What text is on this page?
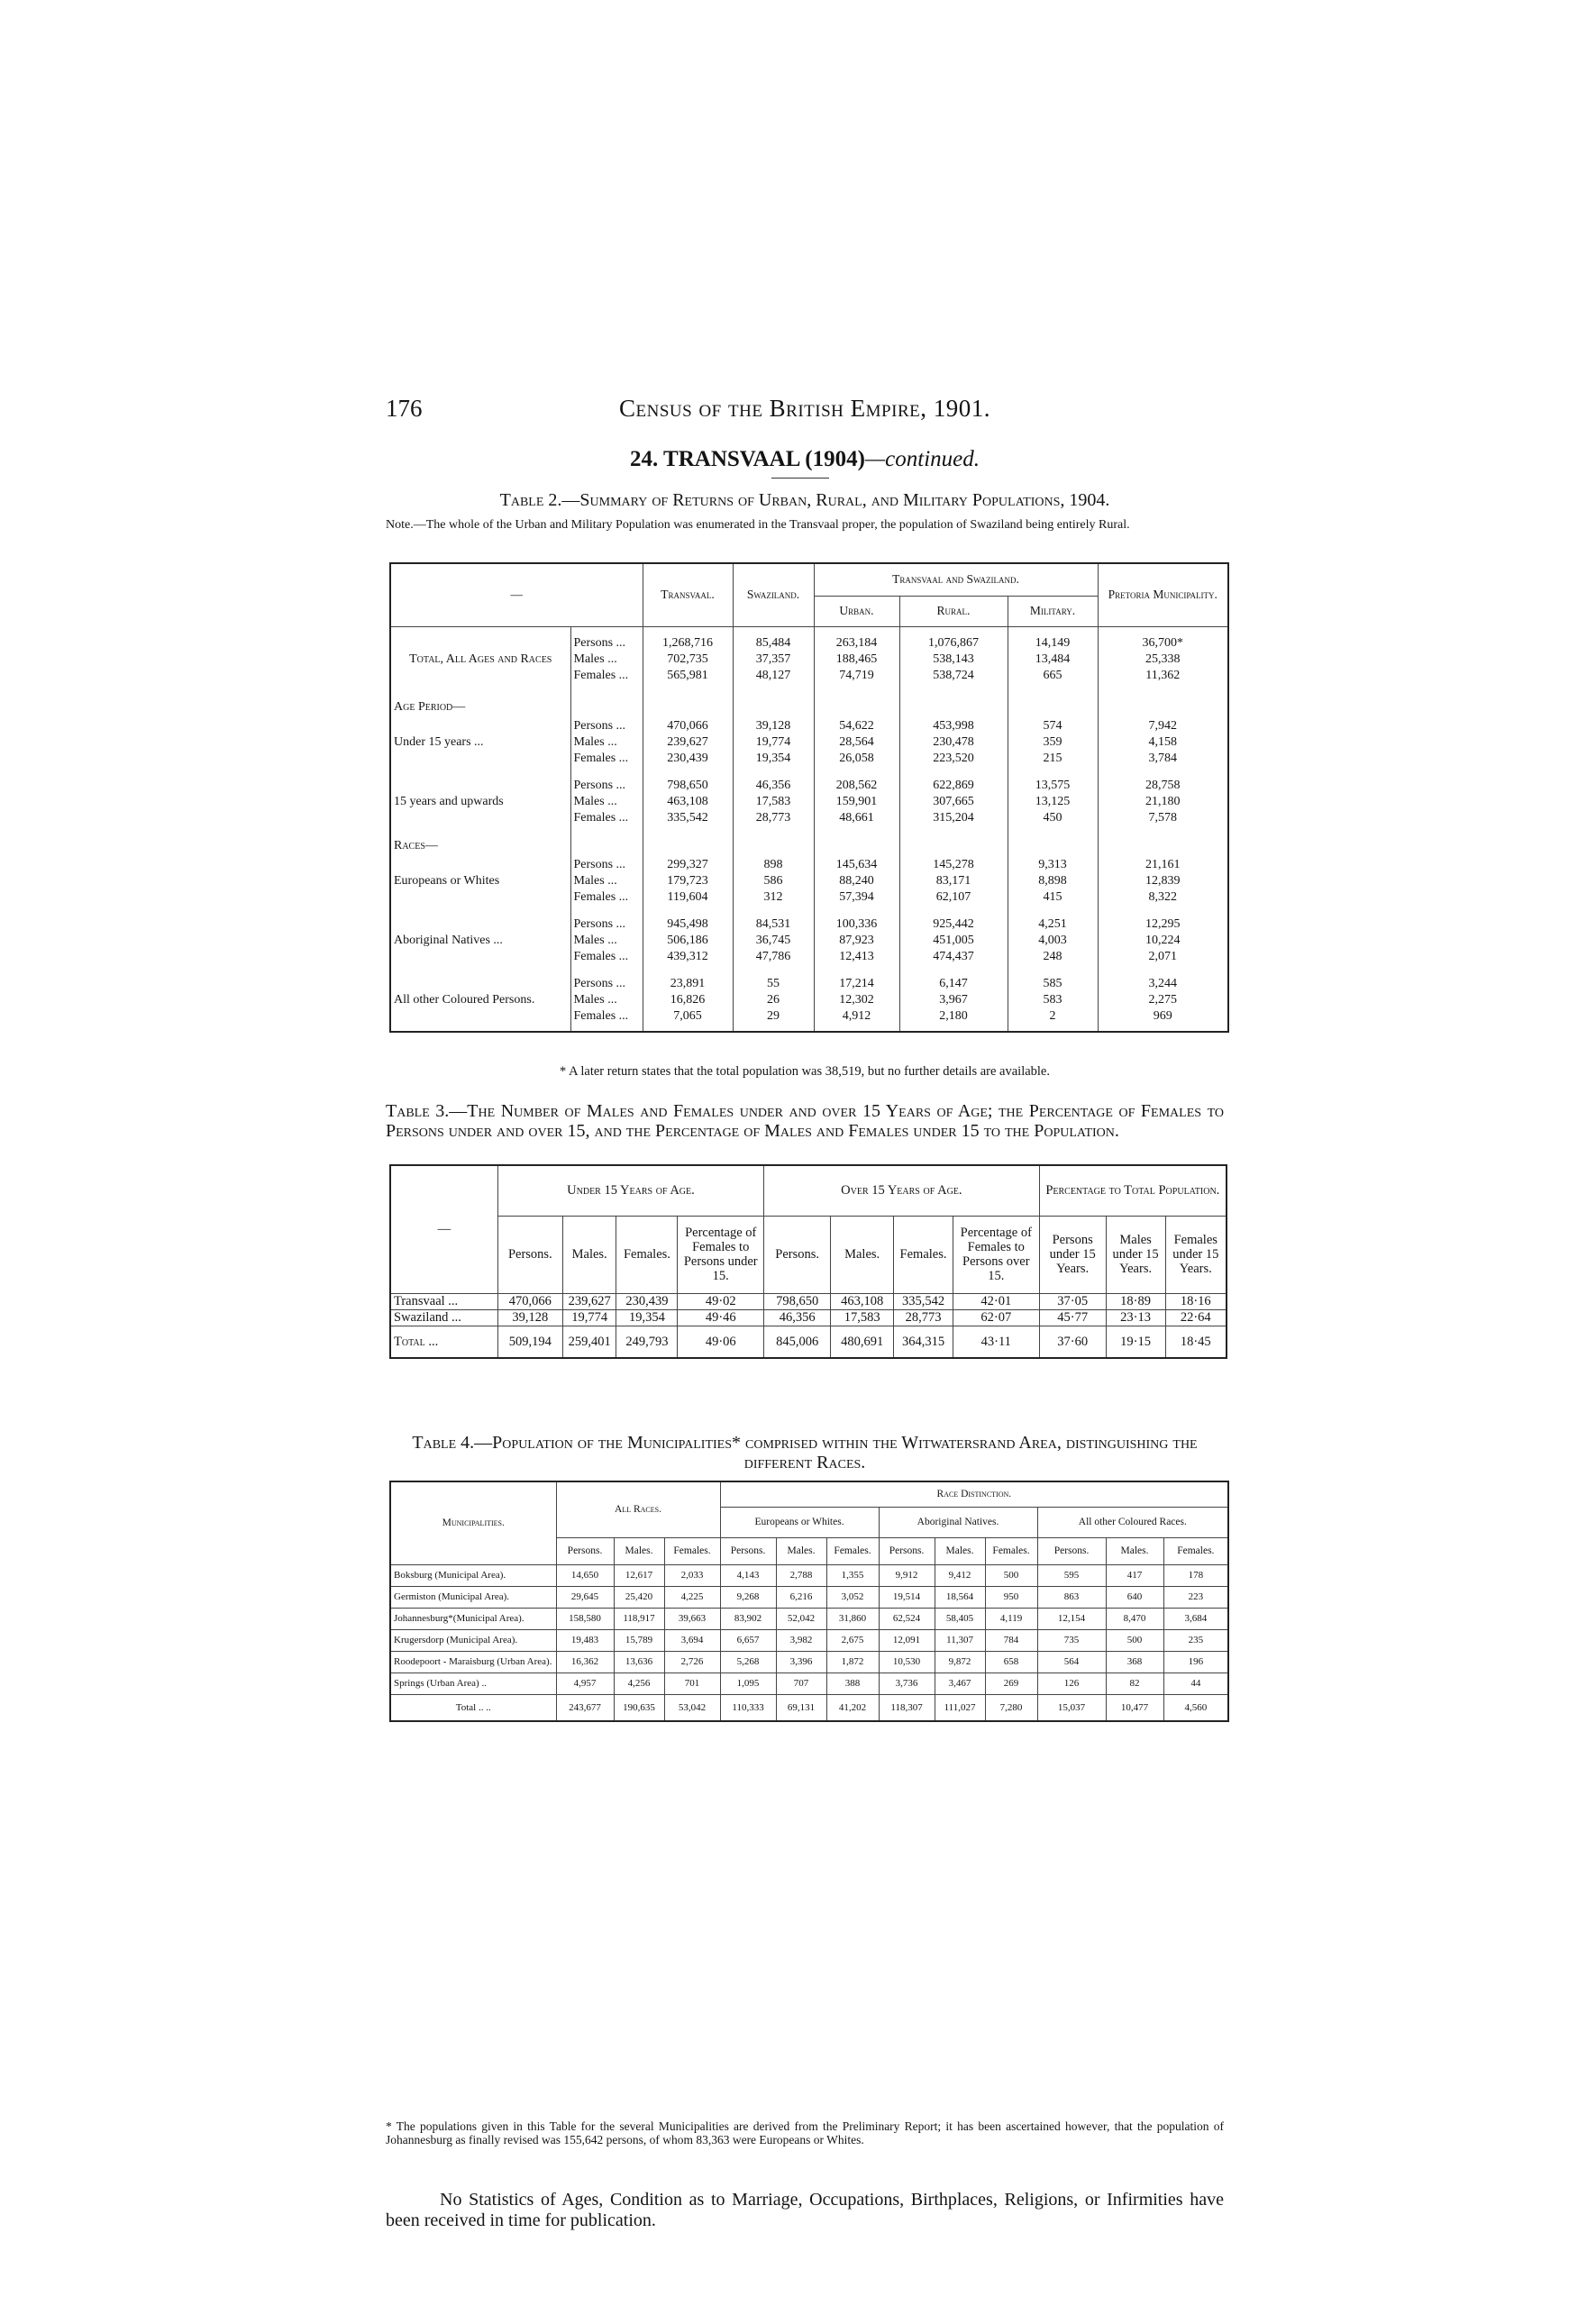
176	Census of the British Empire, 1901.
24. TRANSVAAL (1904)—continued.
Table 2.—Summary of Returns of Urban, Rural, and Military Populations, 1904.
Note.—The whole of the Urban and Military Population was enumerated in the Transvaal proper, the population of Swaziland being entirely Rural.
—		Transvaal.	Swaziland.	Transvaal and Swaziland.			Pretoria Municipality.
				Urban.	Rural.	Military.	

Total, All Ages and Races	Persons ...	1,268,716	85,484	263,184	1,076,867	14,149	36,700*
	Males ...	702,735	37,357	188,465	538,143	13,484	25,338
	Females ...	565,981	48,127	74,719	538,724	665	11,362

Age Period—							
Under 15 years ...	Persons ...	470,066	39,128	54,622	453,998	574	7,942
	Males ...	239,627	19,774	28,564	230,478	359	4,158
	Females ...	230,439	19,354	26,058	223,520	215	3,784

15 years and upwards	Persons ...	798,650	46,356	208,562	622,869	13,575	28,758
	Males ...	463,108	17,583	159,901	307,665	13,125	21,180
	Females ...	335,542	28,773	48,661	315,204	450	7,578

Races—							
Europeans or Whites	Persons ...	299,327	898	145,634	145,278	9,313	21,161
	Males ...	179,723	586	88,240	83,171	8,898	12,839
	Females ...	119,604	312	57,394	62,107	415	8,322

Aboriginal Natives ...	Persons ...	945,498	84,531	100,336	925,442	4,251	12,295
	Males ...	506,186	36,745	87,923	451,005	4,003	10,224
	Females ...	439,312	47,786	12,413	474,437	248	2,071

All other Coloured Persons.	Persons ...	23,891	55	17,214	6,147	585	3,244
	Males ...	16,826	26	12,302	3,967	583	2,275
	Females ...	7,065	29	4,912	2,180	2	969

* A later return states that the total population was 38,519, but no further details are available.
Table 3.—The Number of Males and Females under and over 15 Years of Age; the Percentage of Females to Persons under and over 15, and the Percentage of Males and Females under 15 to the Population.
—	Under 15 Years of Age.				Over 15 Years of Age.				Percentage to Total Population.		
	Persons.	Males.	Females.	Percentage of Females to Persons under 15.	Persons.	Males.	Females.	Percentage of Females to Persons over 15.	Persons under 15 Years.	Males under 15 Years.	Females under 15 Years.
Transvaal ...	470,066	239,627	230,439	49·02	798,650	463,108	335,542	42·01	37·05	18·89	18·16
Swaziland ...	39,128	19,774	19,354	49·46	46,356	17,583	28,773	62·07	45·77	23·13	22·64
Total ...	509,194	259,401	249,793	49·06	845,006	480,691	364,315	43·11	37·60	19·15	18·45
Table 4.—Population of the Municipalities* comprised within the Witwatersrand Area, distinguishing the different Races.
Municipalities.	All Races.			Race Distinction.								
				Europeans or Whites.			Aboriginal Natives.			All other Coloured Races.		
	Persons.	Males.	Females.	Persons.	Males.	Females.	Persons.	Males.	Females.	Persons.	Males.	Females.
Boksburg (Municipal Area).	14,650	12,617	2,033	4,143	2,788	1,355	9,912	9,412	500	595	417	178
Germiston (Municipal Area).	29,645	25,420	4,225	9,268	6,216	3,052	19,514	18,564	950	863	640	223
Johannesburg*(Municipal Area).	158,580	118,917	39,663	83,902	52,042	31,860	62,524	58,405	4,119	12,154	8,470	3,684
Krugersdorp (Municipal Area).	19,483	15,789	3,694	6,657	3,982	2,675	12,091	11,307	784	735	500	235
Roodepoort - Maraisburg (Urban Area).	16,362	13,636	2,726	5,268	3,396	1,872	10,530	9,872	658	564	368	196
Springs (Urban Area) ..	4,957	4,256	701	1,095	707	388	3,736	3,467	269	126	82	44
Total .. ..	243,677	190,635	53,042	110,333	69,131	41,202	118,307	111,027	7,280	15,037	10,477	4,560
* The populations given in this Table for the several Municipalities are derived from the Preliminary Report; it has been ascertained however, that the population of Johannesburg as finally revised was 155,642 persons, of whom 83,363 were Europeans or Whites.
No Statistics of Ages, Condition as to Marriage, Occupations, Birthplaces, Religions, or Infirmities have been received in time for publication.
